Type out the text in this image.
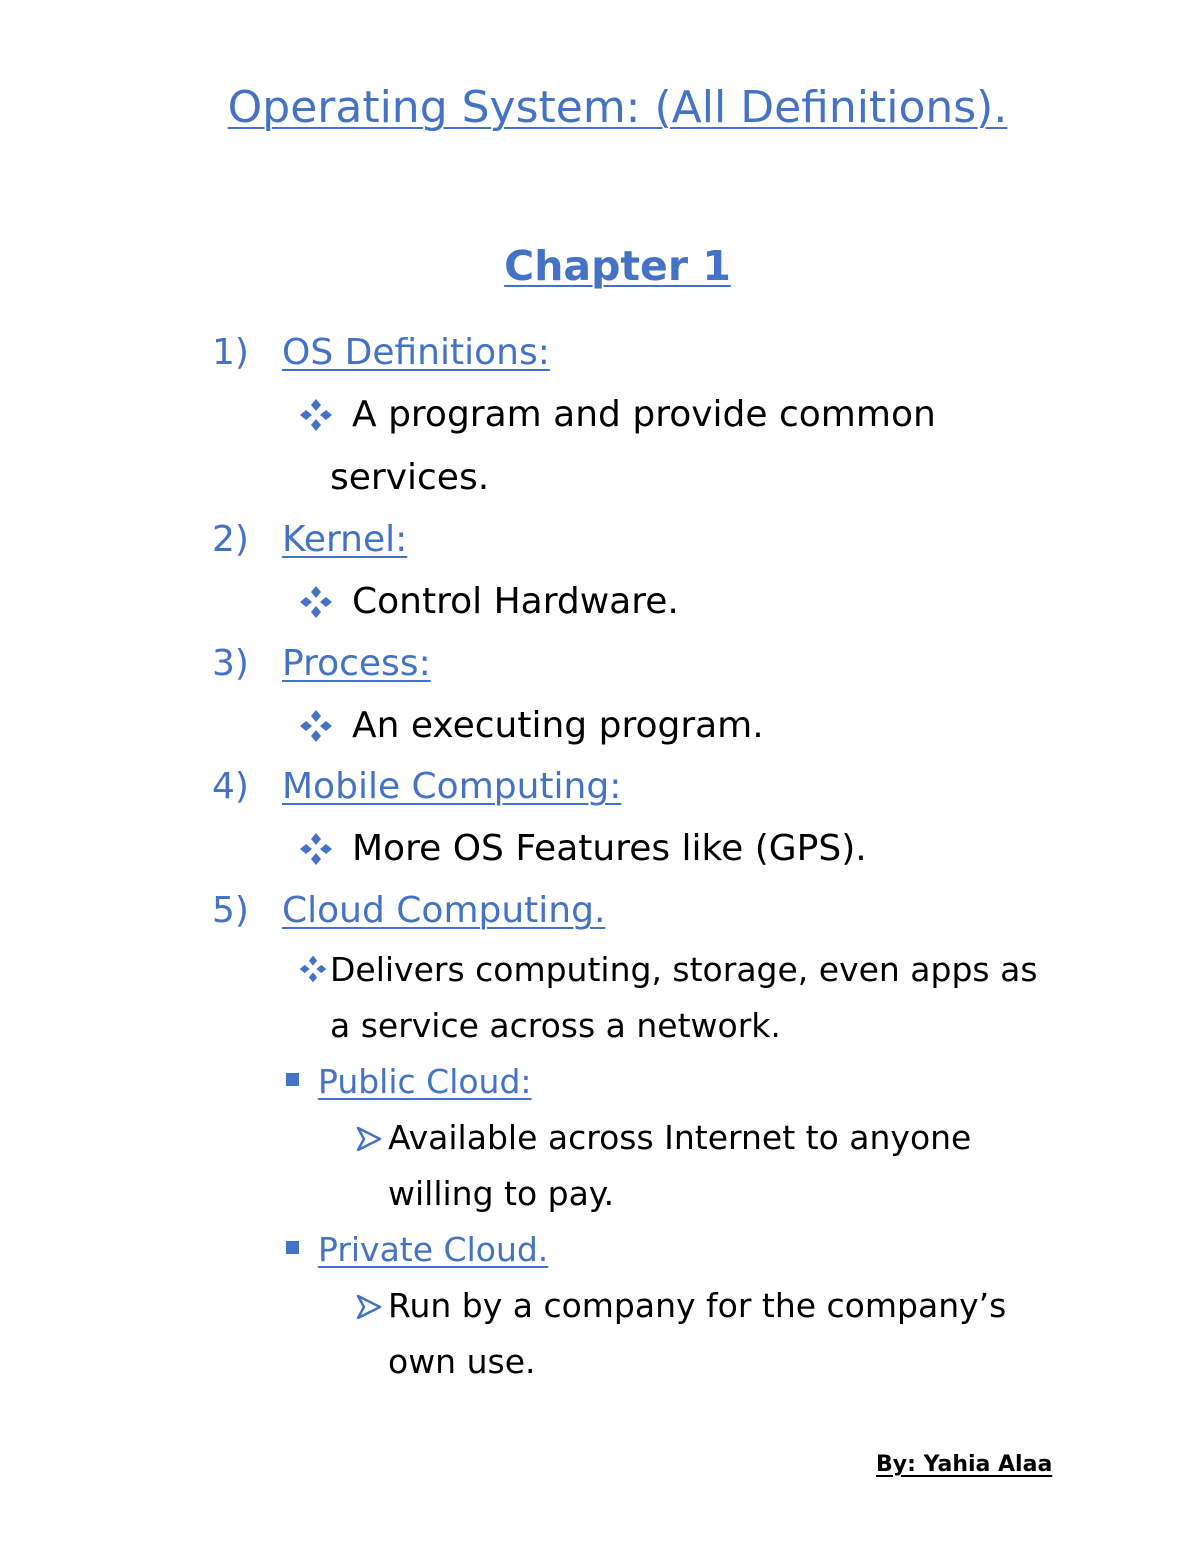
Operating System: (All Definitions).
Chapter 1
1) OS Definitions:
A program and provide common
services.
2) Kernel:
Control Hardware.
3) Process:
An executing program.
4) Mobile Computing:
More OS Features like (GPS).
5) Cloud Computing.
Delivers computing, storage, even apps as
a service across a network.
Public Cloud:
Available across Internet to anyone
willing to pay.
Private Cloud.
Run by a company for the company’s
own use.
By: Yahia Alaa
